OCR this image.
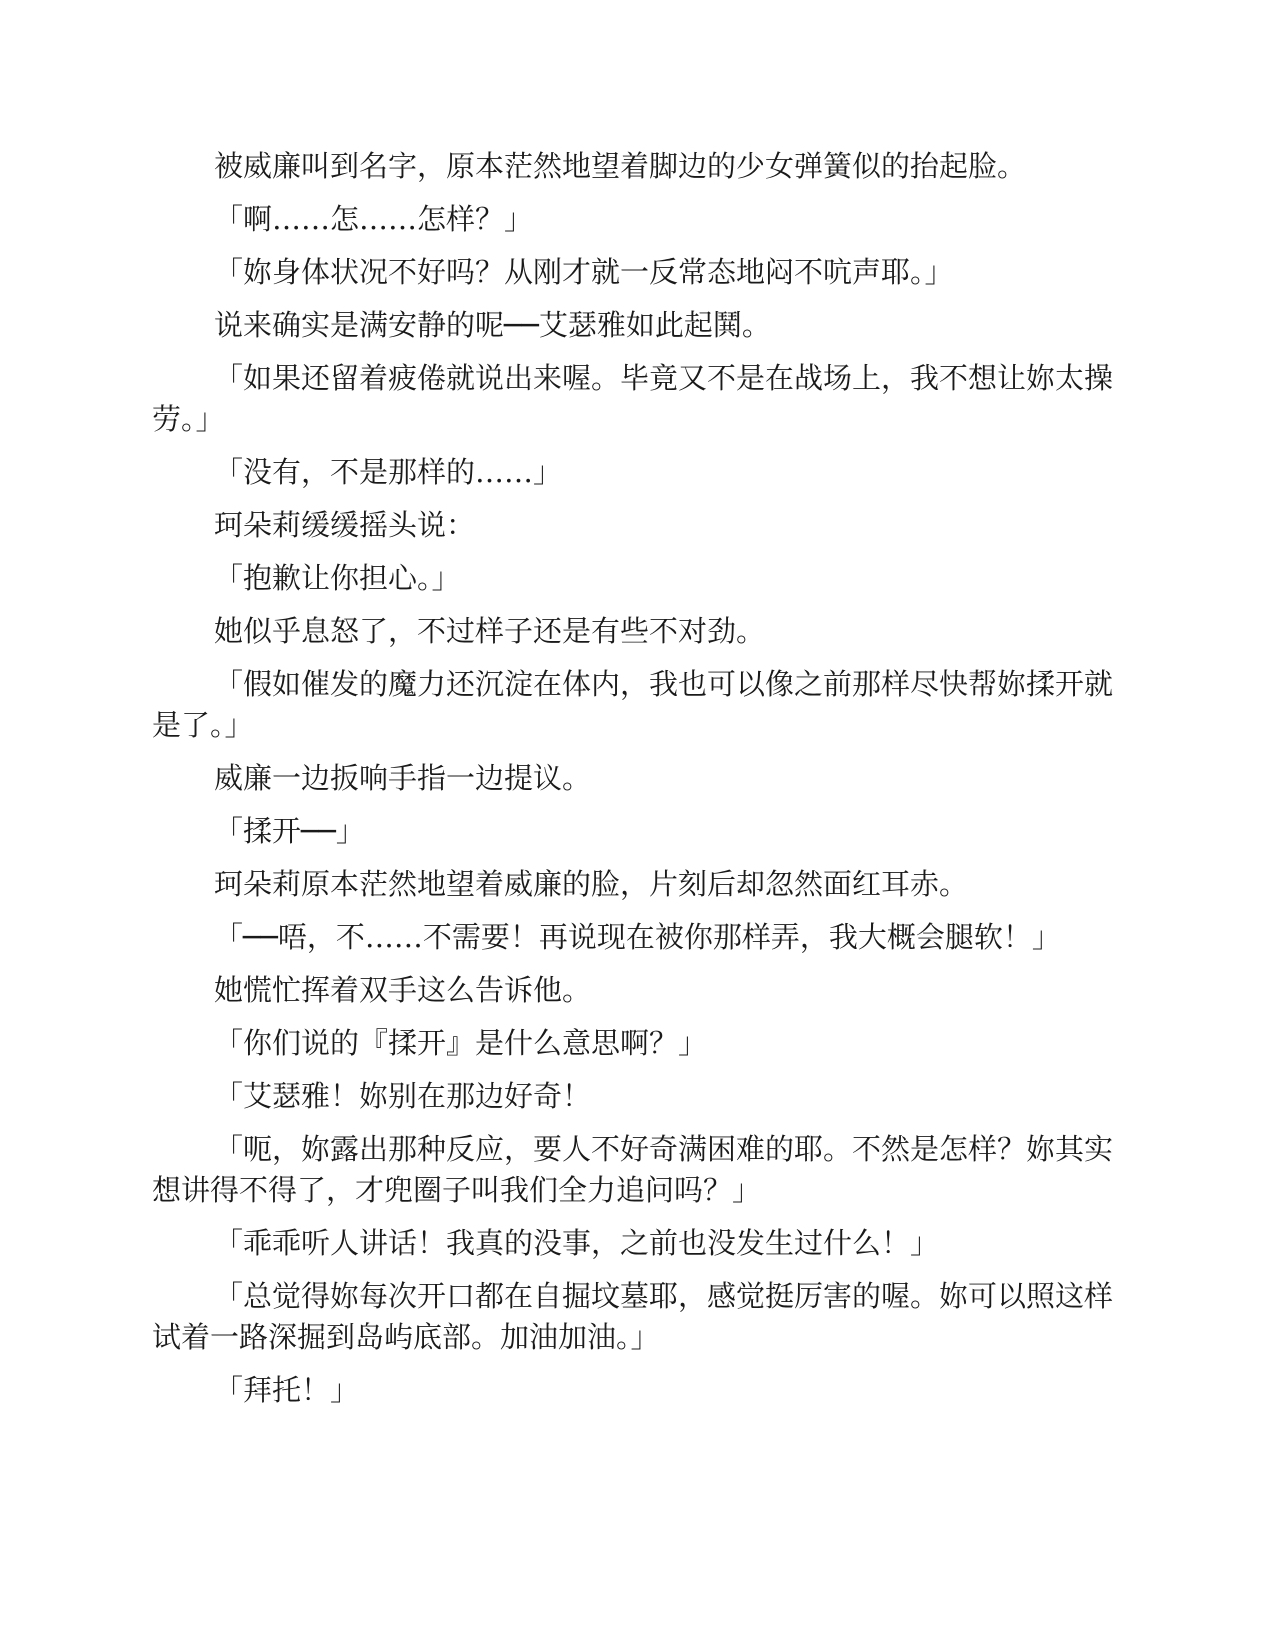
被威廉叫到名字，原本茫然地望着脚边的少女弹簧似的抬起脸。

「啊……怎……怎样？」

「妳身体状况不好吗？从刚才就一反常态地闷不吭声耶。」

说来确实是满安静的呢──艾瑟雅如此起鬨。

「如果还留着疲倦就说出来喔。毕竟又不是在战场上，我不想让妳太操劳。」

「没有，不是那样的……」

珂朵莉缓缓摇头说：

「抱歉让你担心。」

她似乎息怒了，不过样子还是有些不对劲。

「假如催发的魔力还沉淀在体内，我也可以像之前那样尽快帮妳揉开就是了。」

威廉一边扳响手指一边提议。

「揉开──」

珂朵莉原本茫然地望着威廉的脸，片刻后却忽然面红耳赤。

「──唔，不……不需要！再说现在被你那样弄，我大概会腿软！」

她慌忙挥着双手这么告诉他。

「你们说的『揉开』是什么意思啊？」

「艾瑟雅！妳别在那边好奇！

「呃，妳露出那种反应，要人不好奇满困难的耶。不然是怎样？妳其实想讲得不得了，才兜圈子叫我们全力追问吗？」

「乖乖听人讲话！我真的没事，之前也没发生过什么！」

「总觉得妳每次开口都在自掘坟墓耶，感觉挺厉害的喔。妳可以照这样试着一路深掘到岛屿底部。加油加油。」

「拜托！」
